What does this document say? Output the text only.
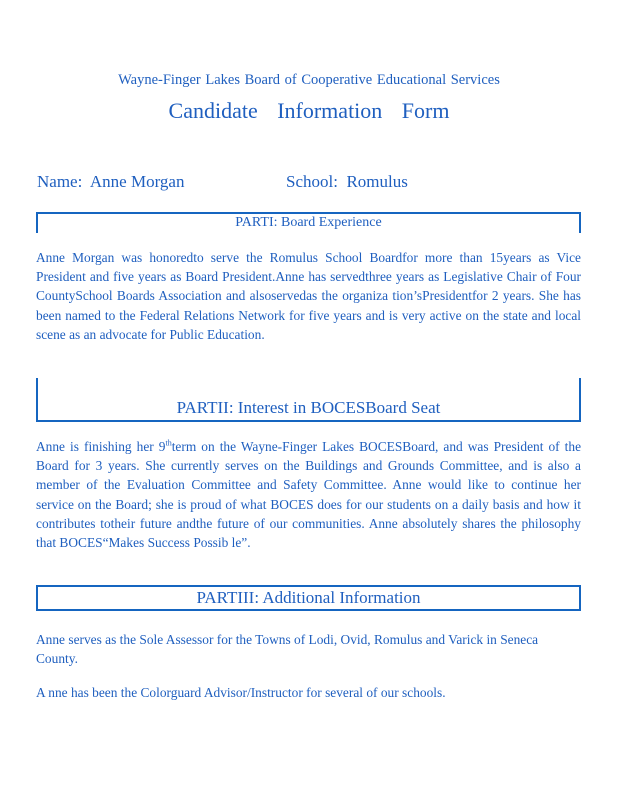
Wayne-Finger Lakes Board of Cooperative Educational Services
Candidate Information Form
Name: Anne Morgan	School: Romulus
PARTI: Board Experience
Anne Morgan was honoredto serve the Romulus School Boardfor more than 15years as Vice President and five years as Board President.Anne has servedthree years as Legislative Chair of Four CountySchool Boards Association and alsoservedas the organiza tion’sPresidentfor 2 years. She has been named to the Federal Relations Network for five years and is very active on the state and local scene as an advocate for Public Education.
PARTII: Interest in BOCESBoard Seat
Anne is finishing her 9thterm on the Wayne-Finger Lakes BOCESBoard, and was President of the Board for 3 years. She currently serves on the Buildings and Grounds Committee, and is also a member of the Evaluation Committee and Safety Committee. Anne would like to continue her service on the Board; she is proud of what BOCES does for our students on a daily basis and how it contributes totheir future andthe future of our communities. Anne absolutely shares the philosophy that BOCES“Makes Success Possib le”.
PARTIII: Additional Information
Anne serves as the Sole Assessor for the Towns of Lodi, Ovid, Romulus and Varick in Seneca County.
A nne has been the Colorguard Advisor/Instructor for several of our schools.
